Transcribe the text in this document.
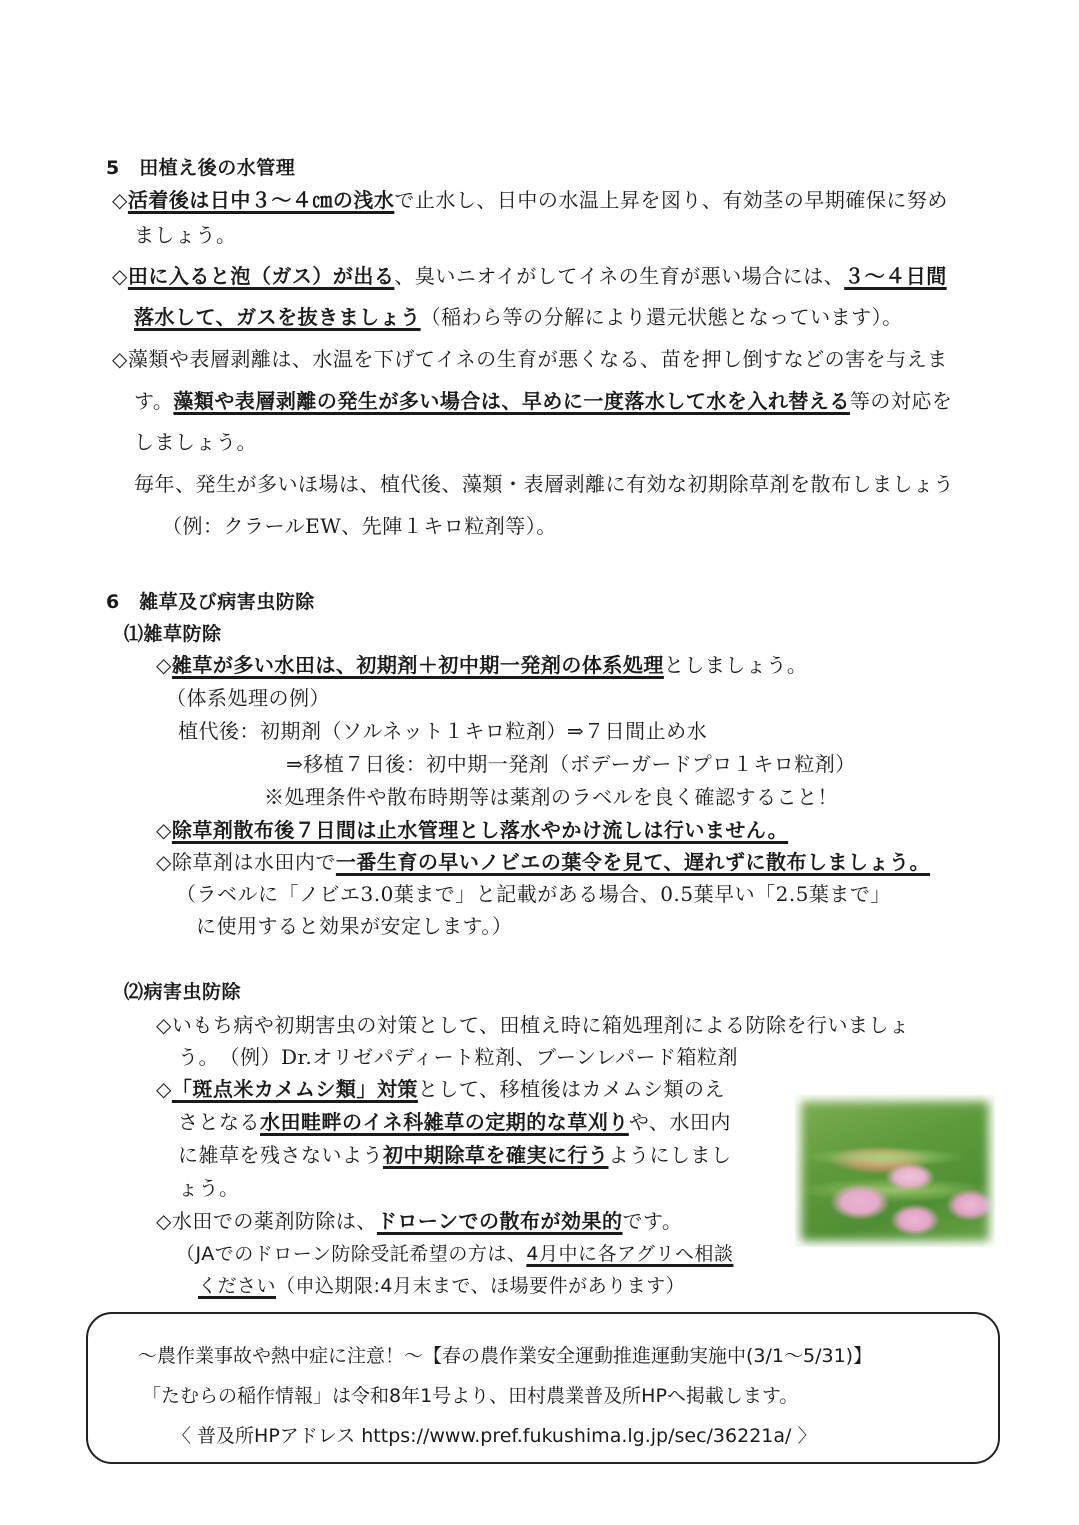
5　田植え後の水管理
◇活着後は日中３～４㎝の浅水で止水し、日中の水温上昇を図り、有効茎の早期確保に努め
ましょう。
◇田に入ると泡（ガス）が出る、臭いニオイがしてイネの生育が悪い場合には、３～４日間
落水して、ガスを抜きましょう（稲わら等の分解により還元状態となっています）。
◇藻類や表層剥離は、水温を下げてイネの生育が悪くなる、苗を押し倒すなどの害を与えま
す。藻類や表層剥離の発生が多い場合は、早めに一度落水して水を入れ替える等の対応を
しましょう。
毎年、発生が多いほ場は、植代後、藻類・表層剥離に有効な初期除草剤を散布しましょう
（例：クラールEW、先陣１キロ粒剤等）。
6　雑草及び病害虫防除
⑴雑草防除
◇雑草が多い水田は、初期剤＋初中期一発剤の体系処理としましょう。
（体系処理の例）
植代後：初期剤（ソルネット１キロ粒剤）⇒７日間止め水
⇒移植７日後：初中期一発剤（ボデーガードプロ１キロ粒剤）
※処理条件や散布時期等は薬剤のラベルを良く確認すること！
◇除草剤散布後７日間は止水管理とし落水やかけ流しは行いません。
◇除草剤は水田内で一番生育の早いノビエの葉令を見て、遅れずに散布しましょう。
（ラベルに「ノビエ3.0葉まで」と記載がある場合、0.5葉早い「2.5葉まで」
に使用すると効果が安定します。）
⑵病害虫防除
◇いもち病や初期害虫の対策として、田植え時に箱処理剤による防除を行いましょ
う。　（例）Dr.オリゼパディート粒剤、ブーンレパード箱粒剤
◇「斑点米カメムシ類」対策として、移植後はカメムシ類のえ
さとなる水田畦畔のイネ科雑草の定期的な草刈りや、水田内
に雑草を残さないよう初中期除草を確実に行うようにしまし
ょう。
◇水田での薬剤防除は、ドローンでの散布が効果的です。
（JAでのドローン防除受託希望の方は、4月中に各アグリへ相談
ください（申込期限:4月末まで、ほ場要件があります）
～農作業事故や熱中症に注意！～【春の農作業安全運動推進運動実施中(3/1～5/31)】
「たむらの稲作情報」は令和8年1号より、田村農業普及所HPへ掲載します。
〈 普及所HPアドレス https://www.pref.fukushima.lg.jp/sec/36221a/ 〉
